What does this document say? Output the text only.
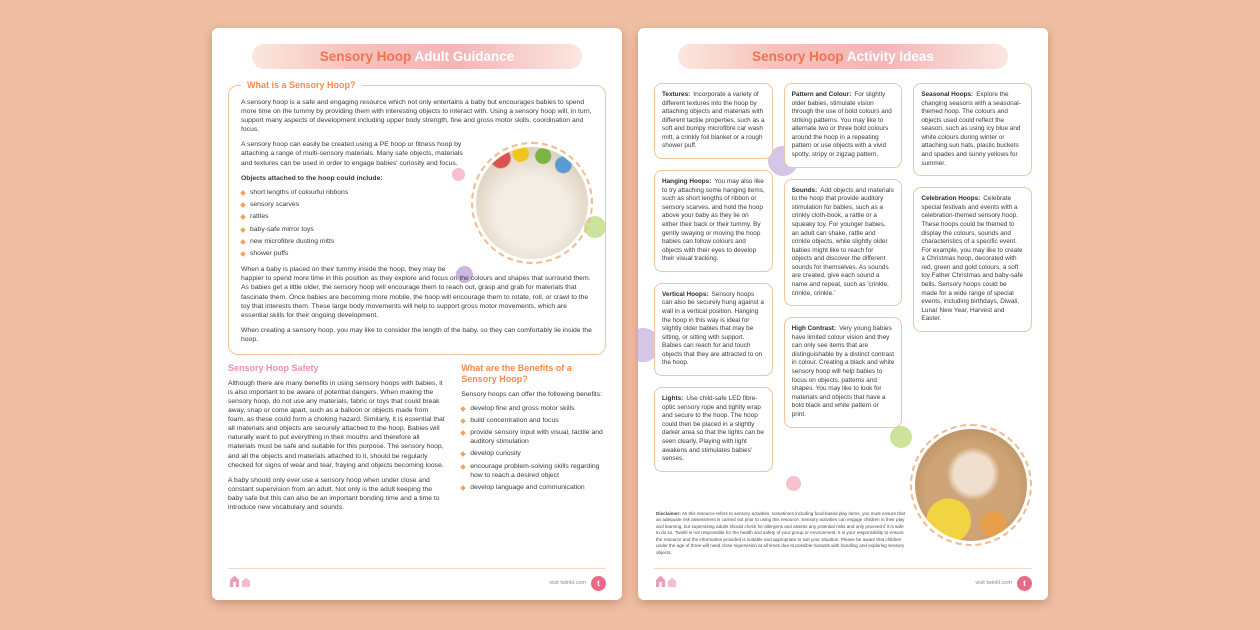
Sensory Hoop Adult Guidance
What is a Sensory Hoop?

A sensory hoop is a safe and engaging resource which not only entertains a baby but encourages babies to spend more time on the tummy by providing them with interesting objects to interact with. Using a sensory hoop will, in turn, support many aspects of development including upper body strength, fine and gross motor skills, coordination and focus.

A sensory hoop can easily be created using a PE hoop or fitness hoop by attaching a range of multi-sensory materials. Many safe objects, materials and textures can be used in order to engage babies' curiosity and focus.

Objects attached to the hoop could include:

short lengths of colourful ribbons
sensory scarves
rattles
baby-safe mirror toys
new microfibre dusting mitts
shower puffs

When a baby is placed on their tummy inside the hoop, they may be happier to spend more time in this position as they explore and focus on the colours and shapes that surround them. As babies get a little older, the sensory hoop will encourage them to reach out, grasp and grab for materials that fascinate them. Once babies are becoming more mobile, the hoop will encourage them to rotate, roll, or crawl to the toy that interests them. These large body movements will help to support gross motor movements, which are essential skills for their ongoing development.

When creating a sensory hoop, you may like to consider the length of the baby, so they can comfortably lie inside the hoop.

Sensory Hoop Safety

Although there are many benefits in using sensory hoops with babies, it is also important to be aware of potential dangers. When making the sensory hoop, do not use any materials, fabric or toys that could break away, snap or come apart, such as a balloon or objects made from foam, as these could form a choking hazard. Similarly, it is essential that all materials and objects are securely attached to the hoop. Babies will naturally want to put everything in their mouths and therefore all materials must be safe and suitable for this purpose. The sensory hoop, and all the objects and materials attached to it, should be regularly checked for signs of wear and tear, fraying and objects becoming loose.

A baby should only ever use a sensory hoop when under close and constant supervision from an adult. Not only is the adult keeping the baby safe but this can also be an important bonding time and a time to introduce new vocabulary and sounds.

What are the Benefits of a Sensory Hoop?

Sensory hoops can offer the following benefits:

develop fine and gross motor skills
build concentration and focus
provide sensory input with visual, tactile and auditory stimulation
develop curiosity
encourage problem-solving skills regarding how to reach a desired object
develop language and communication
visit twinkl.com	t
Sensory Hoop Activity Ideas
Textures: Incorporate a variety of different textures into the hoop by attaching objects and materials with different tactile properties, such as a soft and bumpy microfibre car wash mitt, a crinkly foil blanket or a rough shower puff.
Hanging Hoops: You may also like to try attaching some hanging items, such as short lengths of ribbon or sensory scarves, and hold the hoop above your baby as they lie on either their back or their tummy. By gently swaying or moving the hoop babies can follow colours and objects with their eyes to develop their visual tracking.
Vertical Hoops: Sensory hoops can also be securely hung against a wall in a vertical position. Hanging the hoop in this way is ideal for slightly older babies that may be sitting, or sitting with support. Babies can reach for and touch objects that they are attracted to on the hoop.
Lights: Use child-safe LED fibre-optic sensory rope and tightly wrap and secure to the hoop. The hoop could then be placed in a slightly darker area so that the lights can be seen clearly. Playing with light awakens and stimulates babies' senses.
Pattern and Colour: For slightly older babies, stimulate vision through the use of bold colours and striking patterns. You may like to alternate two or three bold colours around the hoop in a repeating pattern or use objects with a vivid spotty, stripy or zigzag pattern.
Sounds: Add objects and materials to the hoop that provide auditory stimulation for babies, such as a crinkly cloth-book, a rattle or a squeaky toy. For younger babies, an adult can shake, rattle and crinkle objects, while slightly older babies might like to reach for objects and discover the different sounds for themselves. As sounds are created, give each sound a name and repeat, such as 'crinkle, crinkle, crinkle.'
High Contrast: Very young babies have limited colour vision and they can only see items that are distinguishable by a distinct contrast in colour. Creating a black and white sensory hoop will help babies to focus on objects, patterns and shapes. You may like to look for materials and objects that have a bold black and white pattern or print.
Seasonal Hoops: Explore the changing seasons with a seasonal-themed hoop. The colours and objects used could reflect the season, such as using icy blue and white colours during winter or attaching sun hats, plastic buckets and spades and sunny yellows for summer.
Celebration Hoops: Celebrate special festivals and events with a celebration-themed sensory hoop. These hoops could be themed to display the colours, sounds and characteristics of a specific event. For example, you may like to create a Christmas hoop, decorated with red, green and gold colours, a soft toy Father Christmas and baby-safe bells. Sensory hoops could be made for a wide range of special events, including birthdays, Diwali, Lunar New Year, Harvest and Easter.
Disclaimer: As this resource refers to sensory activities, sometimes including food-based play items, you must ensure that an adequate risk assessment is carried out prior to using this resource. Sensory activities can engage children in their play and learning, but supervising adults should check for allergens and assess any potential risks and only proceed if it is safe to do so. Twinkl is not responsible for the health and safety of your group or environment. It is your responsibility to ensure the resource and the information provided is suitable and appropriate to suit your situation. Please be aware that children under the age of three will need close supervision at all times due to possible hazards with handling and exploring sensory objects.
visit twinkl.com	t
